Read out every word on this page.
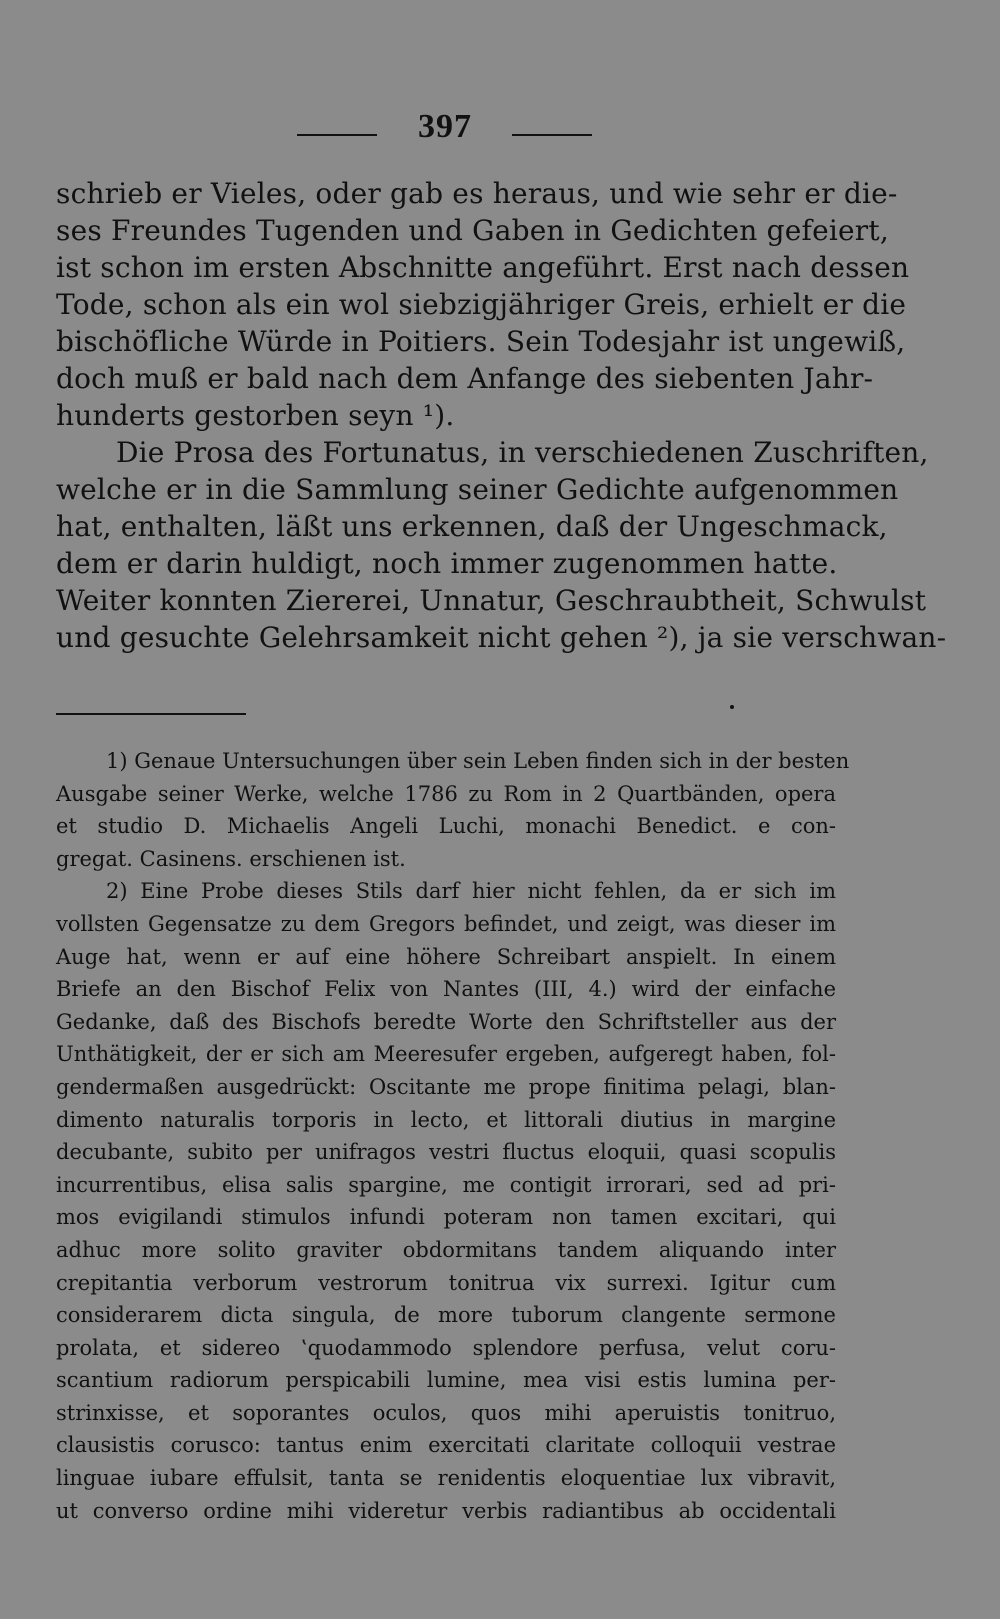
397
schrieb er Vieles, oder gab es heraus, und wie sehr er die-
ses Freundes Tugenden und Gaben in Gedichten gefeiert,
ist schon im ersten Abschnitte angeführt. Erst nach dessen
Tode, schon als ein wol siebzigjähriger Greis, erhielt er die
bischöfliche Würde in Poitiers. Sein Todesjahr ist ungewiß,
doch muß er bald nach dem Anfange des siebenten Jahr-
hunderts gestorben seyn ¹).
Die Prosa des Fortunatus, in verschiedenen Zuschriften,
welche er in die Sammlung seiner Gedichte aufgenommen
hat, enthalten, läßt uns erkennen, daß der Ungeschmack,
dem er darin huldigt, noch immer zugenommen hatte.
Weiter konnten Ziererei, Unnatur, Geschraubtheit, Schwulst
und gesuchte Gelehrsamkeit nicht gehen ²), ja sie verschwan-
1) Genaue Untersuchungen über sein Leben finden sich in der besten
Ausgabe seiner Werke, welche 1786 zu Rom in 2 Quartbänden, opera
et studio D. Michaelis Angeli Luchi, monachi Benedict. e con-
gregat. Casinens. erschienen ist.
2) Eine Probe dieses Stils darf hier nicht fehlen, da er sich im
vollsten Gegensatze zu dem Gregors befindet, und zeigt, was dieser im
Auge hat, wenn er auf eine höhere Schreibart anspielt. In einem
Briefe an den Bischof Felix von Nantes (III, 4.) wird der einfache
Gedanke, daß des Bischofs beredte Worte den Schriftsteller aus der
Unthätigkeit, der er sich am Meeresufer ergeben, aufgeregt haben, fol-
gendermaßen ausgedrückt: Oscitante me prope finitima pelagi, blan-
dimento naturalis torporis in lecto, et littorali diutius in margine
decubante, subito per unifragos vestri fluctus eloquii, quasi scopulis
incurrentibus, elisa salis spargine, me contigit irrorari, sed ad pri-
mos evigilandi stimulos infundi poteram non tamen excitari, qui
adhuc more solito graviter obdormitans tandem aliquando inter
crepitantia verborum vestrorum tonitrua vix surrexi. Igitur cum
considerarem dicta singula, de more tuborum clangente sermone
prolata, et sidereo ‛quodammodo splendore perfusa, velut coru-
scantium radiorum perspicabili lumine, mea visi estis lumina per-
strinxisse, et soporantes oculos, quos mihi aperuistis tonitruo,
clausistis corusco: tantus enim exercitati claritate colloquii vestrae
linguae iubare effulsit, tanta se renidentis eloquentiae lux vibravit,
ut converso ordine mihi videretur verbis radiantibus ab occidentali
